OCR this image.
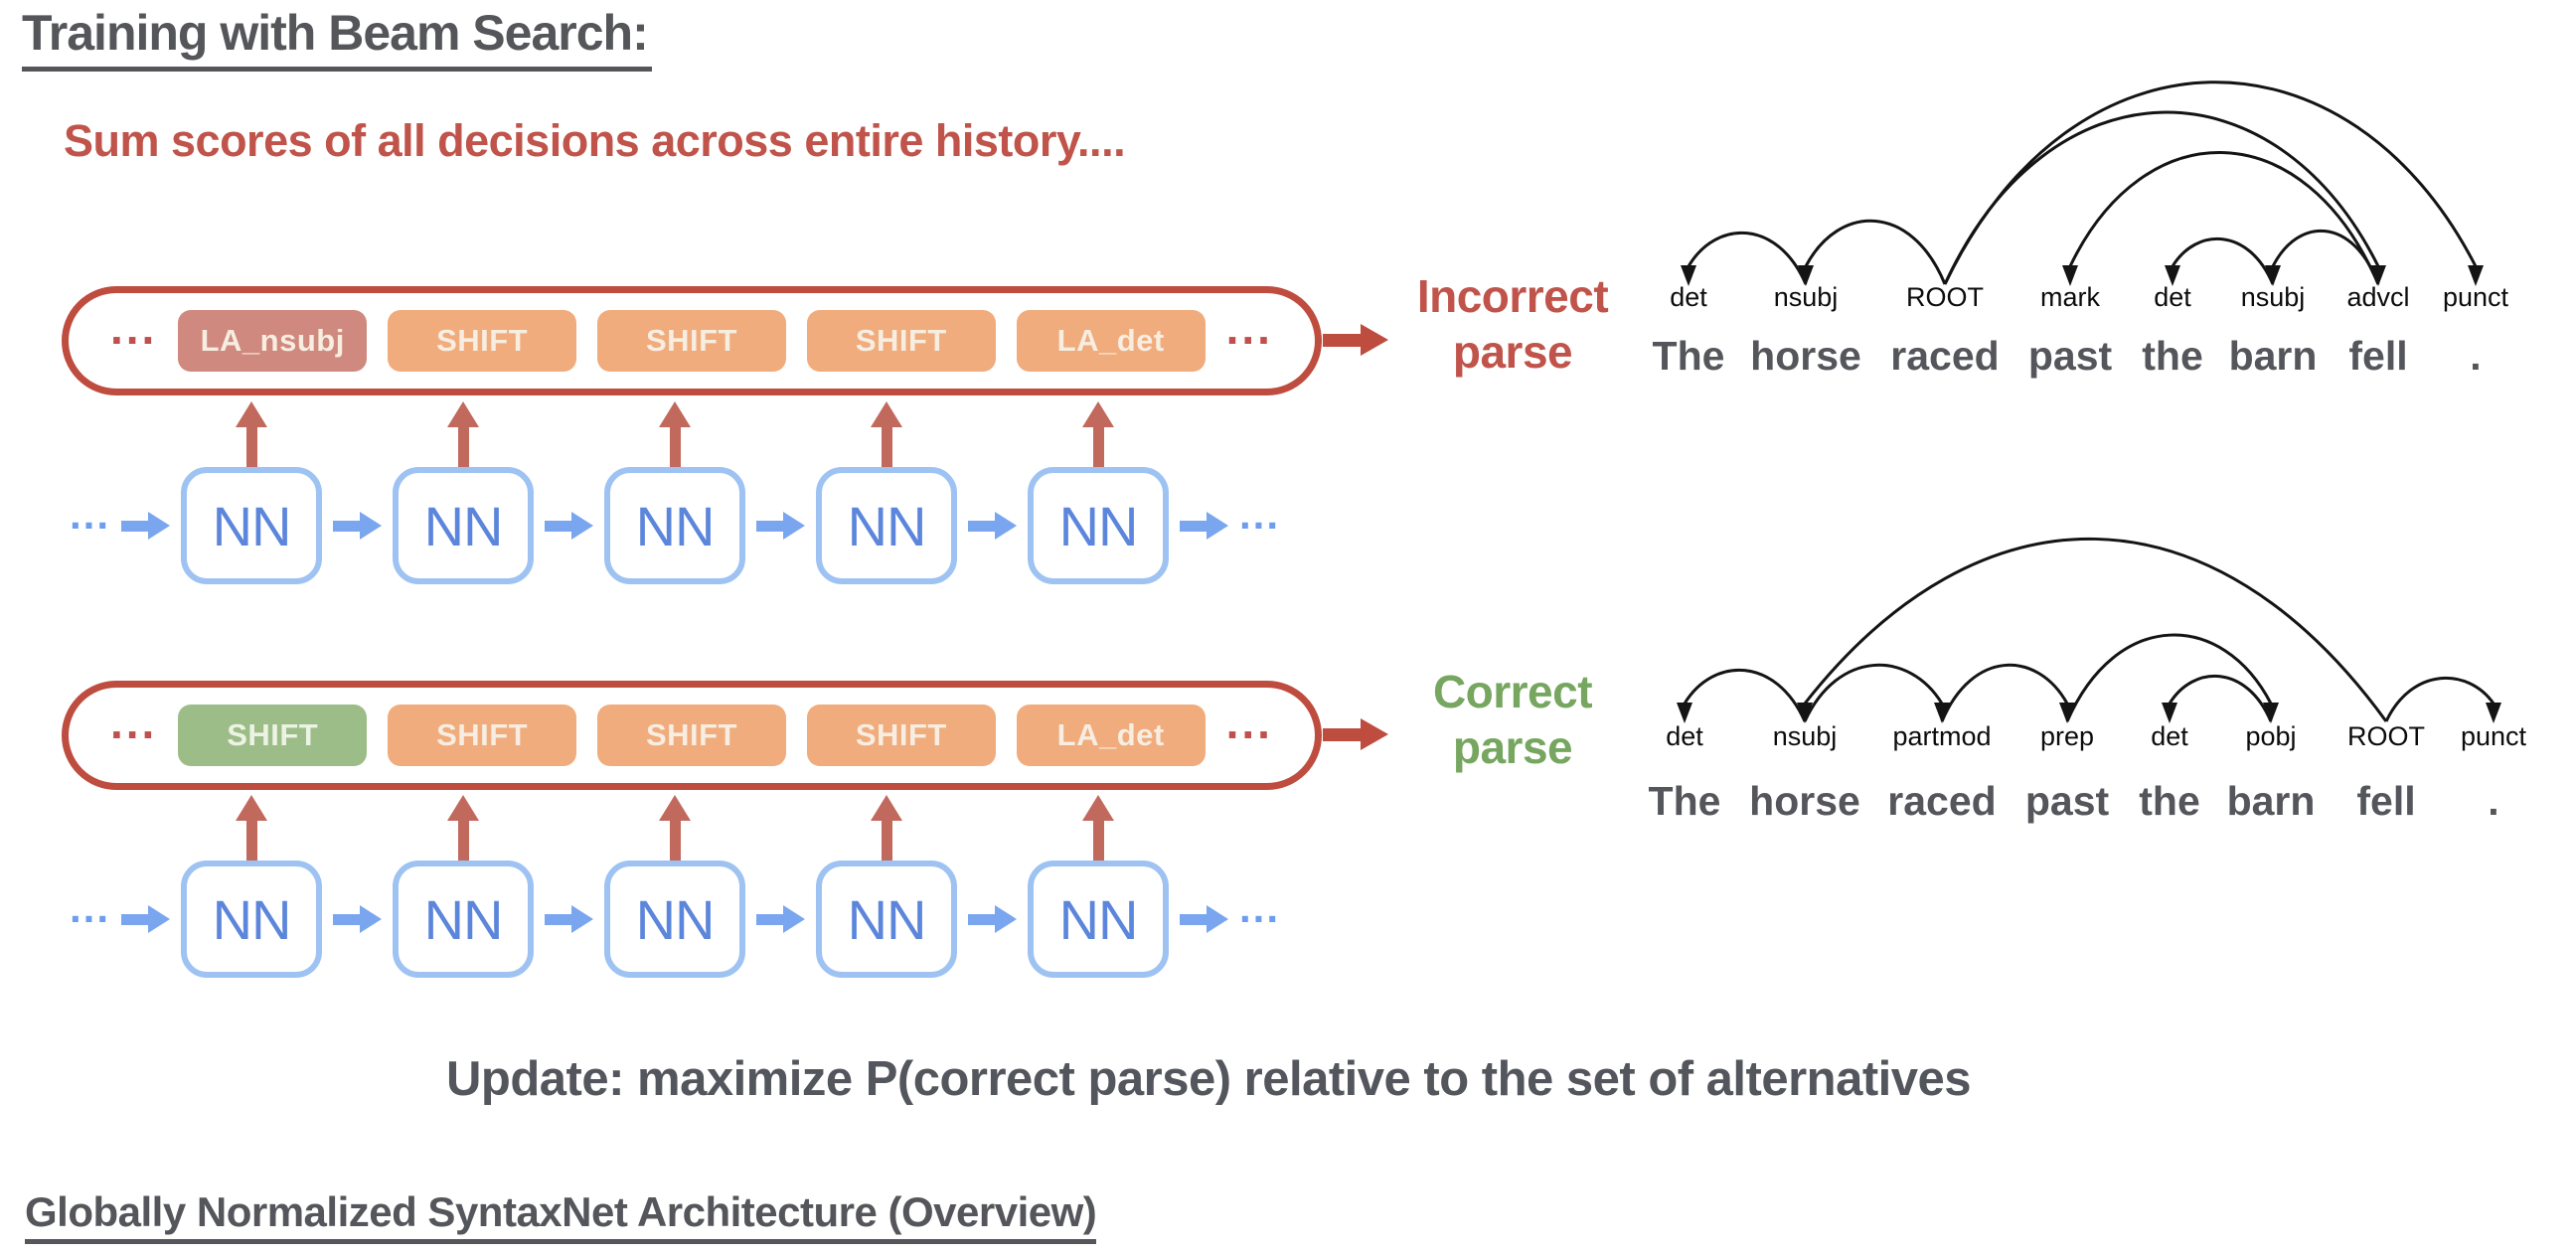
Training with Beam Search:
Sum scores of all decisions across entire history....
...	LA_nsubj	SHIFT	SHIFT	SHIFT	LA_det	...
Incorrect
parse
...	NN	NN	NN	NN	NN	...
...	SHIFT	SHIFT	SHIFT	SHIFT	LA_det	...
Correct
parse
...	NN	NN	NN	NN	NN	...
det
The
nsubj
horse
ROOT
raced
mark
past
det
the
nsubj
barn
advcl
fell
punct
.
det
The
nsubj
horse
partmod
raced
prep
past
det
the
pobj
barn
ROOT
fell
punct
.
Update: maximize P(correct parse) relative to the set of alternatives
Globally Normalized SyntaxNet Architecture (Overview)
